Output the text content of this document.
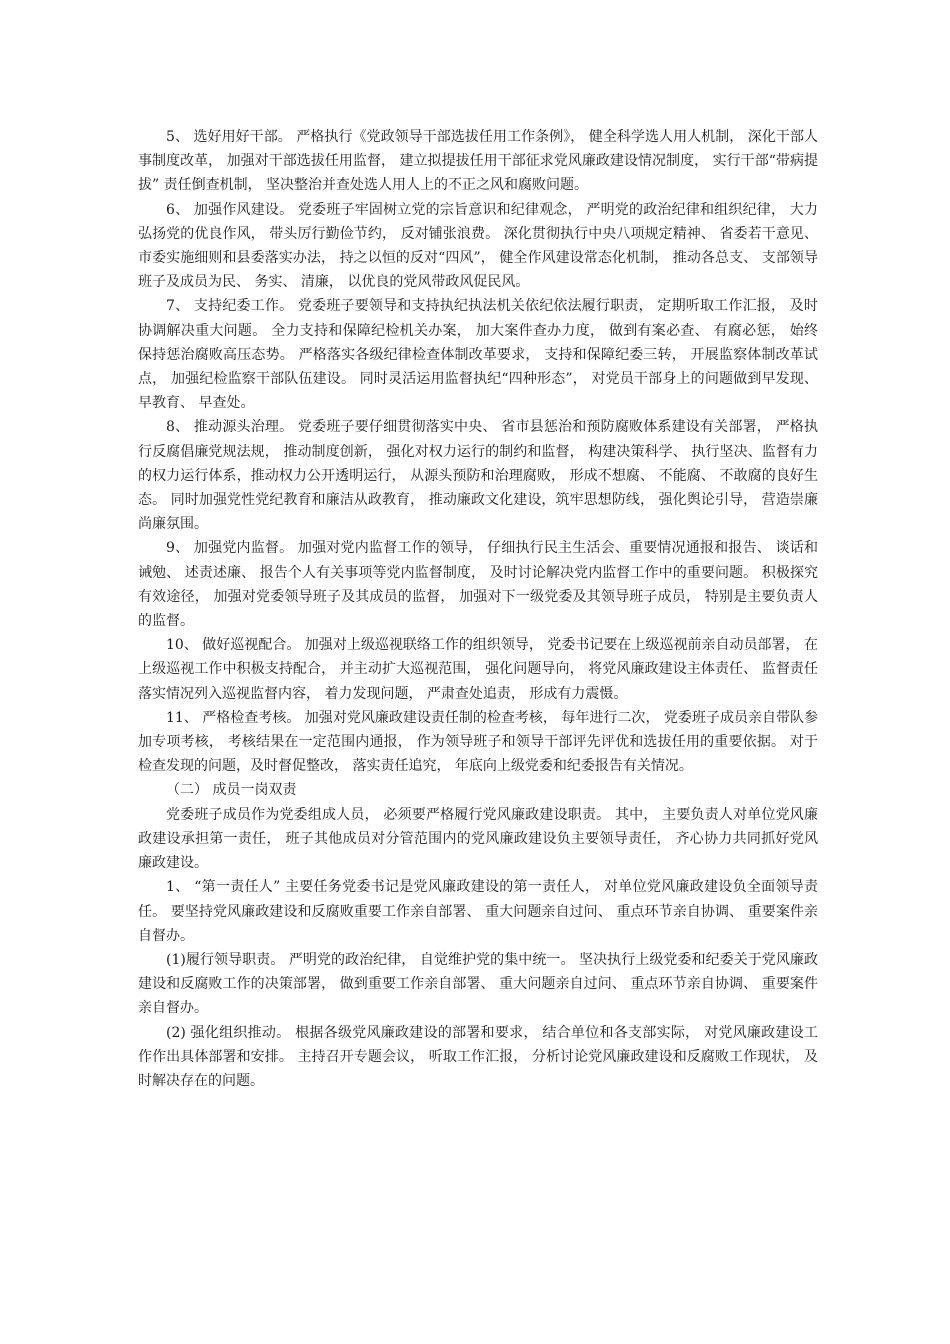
5、 选好用好干部。 严格执行《党政领导干部选拔任用工作条例》， 健全科学选人用人机制， 深化干部人事制度改革， 加强对干部选拔任用监督， 建立拟提拔任用干部征求党风廉政建设情况制度， 实行干部“带病提拔” 责任倒查机制， 坚决整治并查处选人用人上的不正之风和腐败问题。

6、 加强作风建设。 党委班子牢固树立党的宗旨意识和纪律观念， 严明党的政治纪律和组织纪律， 大力弘扬党的优良作风， 带头厉行勤俭节约， 反对铺张浪费。 深化贯彻执行中央八项规定精神、 省委若干意见、 市委实施细则和县委落实办法， 持之以恒的反对“四风”， 健全作风建设常态化机制， 推动各总支、 支部领导班子及成员为民、 务实、 清廉， 以优良的党风带政风促民风。

7、 支持纪委工作。 党委班子要领导和支持执纪执法机关依纪依法履行职责， 定期听取工作汇报， 及时协调解决重大问题。 全力支持和保障纪检机关办案， 加大案件查办力度， 做到有案必查、 有腐必惩， 始终保持惩治腐败高压态势。 严格落实各级纪律检查体制改革要求， 支持和保障纪委三转， 开展监察体制改革试点， 加强纪检监察干部队伍建设。 同时灵活运用监督执纪“四种形态”， 对党员干部身上的问题做到早发现、 早教育、 早查处。

8、 推动源头治理。 党委班子要仔细贯彻落实中央、 省市县惩治和预防腐败体系建设有关部署， 严格执行反腐倡廉党规法规， 推动制度创新， 强化对权力运行的制约和监督， 构建决策科学、 执行坚决、监督有力的权力运行体系，推动权力公开透明运行， 从源头预防和治理腐败， 形成不想腐、 不能腐、 不敢腐的良好生态。 同时加强党性党纪教育和廉洁从政教育， 推动廉政文化建设，筑牢思想防线， 强化舆论引导， 营造崇廉尚廉氛围。

9、 加强党内监督。 加强对党内监督工作的领导， 仔细执行民主生活会、重要情况通报和报告、 谈话和诫勉、 述责述廉、 报告个人有关事项等党内监督制度， 及时讨论解决党内监督工作中的重要问题。 积极探究有效途径， 加强对党委领导班子及其成员的监督， 加强对下一级党委及其领导班子成员， 特别是主要负责人的监督。

10、 做好巡视配合。 加强对上级巡视联络工作的组织领导， 党委书记要在上级巡视前亲自动员部署， 在上级巡视工作中积极支持配合， 并主动扩大巡视范围， 强化问题导向， 将党风廉政建设主体责任、 监督责任落实情况列入巡视监督内容， 着力发现问题， 严肃查处追责， 形成有力震慑。

11、 严格检查考核。 加强对党风廉政建设责任制的检查考核， 每年进行二次， 党委班子成员亲自带队参加专项考核， 考核结果在一定范围内通报， 作为领导班子和领导干部评先评优和选拔任用的重要依据。 对于检查发现的问题，及时督促整改， 落实责任追究， 年底向上级党委和纪委报告有关情况。

（二） 成员一岗双责

党委班子成员作为党委组成人员， 必须要严格履行党风廉政建设职责。 其中， 主要负责人对单位党风廉政建设承担第一责任， 班子其他成员对分管范围内的党风廉政建设负主要领导责任， 齐心协力共同抓好党风廉政建设。

1、 “第一责任人” 主要任务党委书记是党风廉政建设的第一责任人， 对单位党风廉政建设负全面领导责任。 要坚持党风廉政建设和反腐败重要工作亲自部署、 重大问题亲自过问、 重点环节亲自协调、 重要案件亲自督办。

(1)履行领导职责。 严明党的政治纪律， 自觉维护党的集中统一。 坚决执行上级党委和纪委关于党风廉政建设和反腐败工作的决策部署， 做到重要工作亲自部署、 重大问题亲自过问、 重点环节亲自协调、 重要案件亲自督办。

(2) 强化组织推动。 根据各级党风廉政建设的部署和要求， 结合单位和各支部实际， 对党风廉政建设工作作出具体部署和安排。 主持召开专题会议， 听取工作汇报， 分析讨论党风廉政建设和反腐败工作现状， 及时解决存在的问题。
